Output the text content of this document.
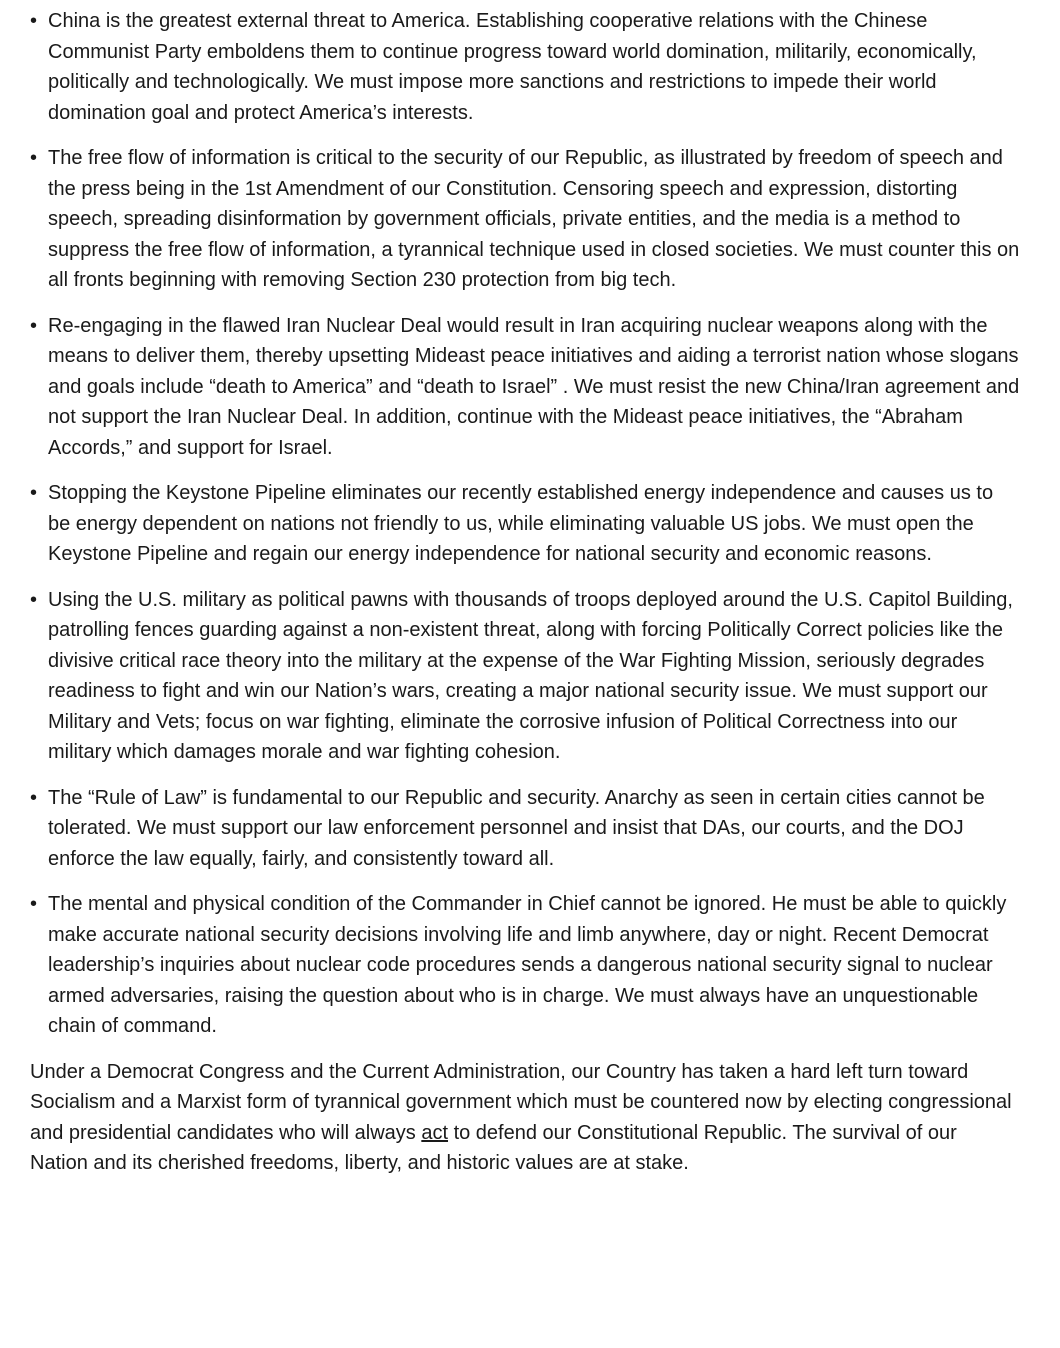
• China is the greatest external threat to America. Establishing cooperative relations with the Chinese Communist Party emboldens them to continue progress toward world domination, militarily, economically, politically and technologically. We must impose more sanctions and restrictions to impede their world domination goal and protect America’s interests.
• The free flow of information is critical to the security of our Republic, as illustrated by freedom of speech and the press being in the 1st Amendment of our Constitution. Censoring speech and expression, distorting speech, spreading disinformation by government officials, private entities, and the media is a method to suppress the free flow of information, a tyrannical technique used in closed societies. We must counter this on all fronts beginning with removing Section 230 protection from big tech.
• Re-engaging in the flawed Iran Nuclear Deal would result in Iran acquiring nuclear weapons along with the means to deliver them, thereby upsetting Mideast peace initiatives and aiding a terrorist nation whose slogans and goals include “death to America” and “death to Israel” . We must resist the new China/Iran agreement and not support the Iran Nuclear Deal. In addition, continue with the Mideast peace initiatives, the “Abraham Accords,” and support for Israel.
• Stopping the Keystone Pipeline eliminates our recently established energy independence and causes us to be energy dependent on nations not friendly to us, while eliminating valuable US jobs. We must open the Keystone Pipeline and regain our energy independence for national security and economic reasons.
• Using the U.S. military as political pawns with thousands of troops deployed around the U.S. Capitol Building, patrolling fences guarding against a non-existent threat, along with forcing Politically Correct policies like the divisive critical race theory into the military at the expense of the War Fighting Mission, seriously degrades readiness to fight and win our Nation’s wars, creating a major national security issue. We must support our Military and Vets; focus on war fighting, eliminate the corrosive infusion of Political Correctness into our military which damages morale and war fighting cohesion.
• The “Rule of Law” is fundamental to our Republic and security. Anarchy as seen in certain cities cannot be tolerated. We must support our law enforcement personnel and insist that DAs, our courts, and the DOJ enforce the law equally, fairly, and consistently toward all.
• The mental and physical condition of the Commander in Chief cannot be ignored. He must be able to quickly make accurate national security decisions involving life and limb anywhere, day or night. Recent Democrat leadership’s inquiries about nuclear code procedures sends a dangerous national security signal to nuclear armed adversaries, raising the question about who is in charge. We must always have an unquestionable chain of command.

Under a Democrat Congress and the Current Administration, our Country has taken a hard left turn toward Socialism and a Marxist form of tyrannical government which must be countered now by electing congressional and presidential candidates who will always act to defend our Constitutional Republic. The survival of our Nation and its cherished freedoms, liberty, and historic values are at stake.
